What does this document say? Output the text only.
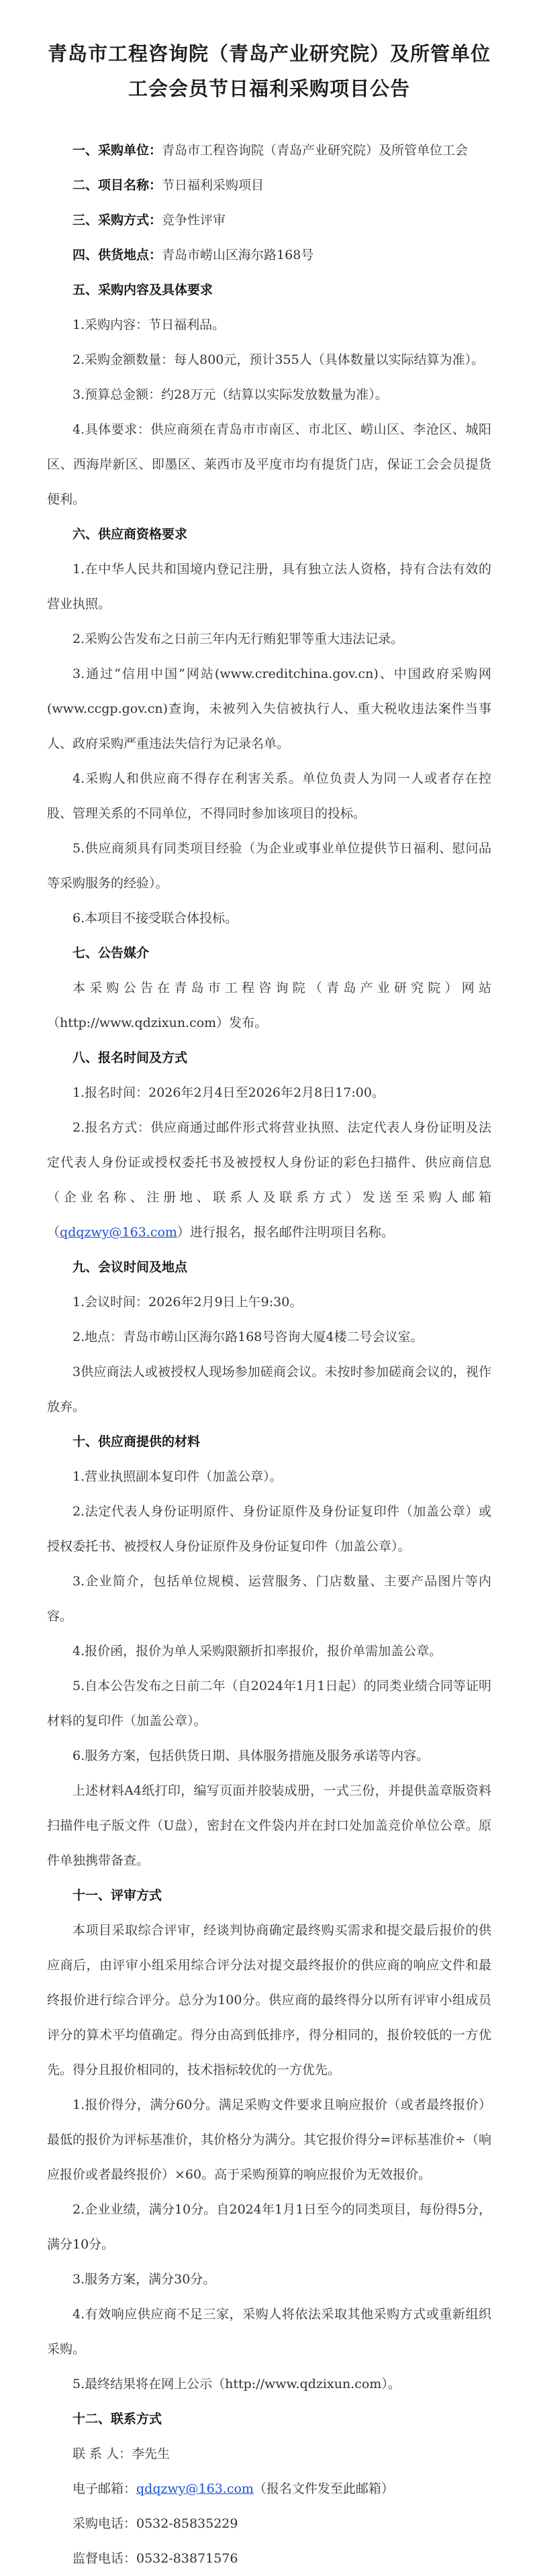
青岛市工程咨询院（青岛产业研究院）及所管单位工会会员节日福利采购项目公告

一、采购单位：青岛市工程咨询院（青岛产业研究院）及所管单位工会

二、项目名称：节日福利采购项目

三、采购方式：竞争性评审

四、供货地点：青岛市崂山区海尔路168号

五、采购内容及具体要求

1.采购内容：节日福利品。

2.采购金额数量：每人800元，预计355人（具体数量以实际结算为准）。

3.预算总金额：约28万元（结算以实际发放数量为准）。

4.具体要求：供应商须在青岛市市南区、市北区、崂山区、李沧区、城阳区、西海岸新区、即墨区、莱西市及平度市均有提货门店，保证工会会员提货便利。

六、供应商资格要求

1.在中华人民共和国境内登记注册，具有独立法人资格，持有合法有效的营业执照。

2.采购公告发布之日前三年内无行贿犯罪等重大违法记录。

3.通过“信用中国”网站(www.creditchina.gov.cn)、中国政府采购网(www.ccgp.gov.cn)查询，未被列入失信被执行人、重大税收违法案件当事人、政府采购严重违法失信行为记录名单。

4.采购人和供应商不得存在利害关系。单位负责人为同一人或者存在控股、管理关系的不同单位，不得同时参加该项目的投标。

5.供应商须具有同类项目经验（为企业或事业单位提供节日福利、慰问品等采购服务的经验）。

6.本项目不接受联合体投标。

七、公告媒介

本采购公告在青岛市工程咨询院（青岛产业研究院）网站（http://www.qdzixun.com）发布。

八、报名时间及方式

1.报名时间：2026年2月4日至2026年2月8日17:00。

2.报名方式：供应商通过邮件形式将营业执照、法定代表人身份证明及法定代表人身份证或授权委托书及被授权人身份证的彩色扫描件、供应商信息（企业名称、注册地、联系人及联系方式）发送至采购人邮箱（qdqzwy@163.com）进行报名，报名邮件注明项目名称。

九、会议时间及地点

1.会议时间：2026年2月9日上午9:30。

2.地点：青岛市崂山区海尔路168号咨询大厦4楼二号会议室。

3供应商法人或被授权人现场参加磋商会议。未按时参加磋商会议的，视作放弃。

十、供应商提供的材料

1.营业执照副本复印件（加盖公章）。

2.法定代表人身份证明原件、身份证原件及身份证复印件（加盖公章）或授权委托书、被授权人身份证原件及身份证复印件（加盖公章）。

3.企业简介，包括单位规模、运营服务、门店数量、主要产品图片等内容。

4.报价函，报价为单人采购限额折扣率报价，报价单需加盖公章。

5.自本公告发布之日前二年（自2024年1月1日起）的同类业绩合同等证明材料的复印件（加盖公章）。

6.服务方案，包括供货日期、具体服务措施及服务承诺等内容。

上述材料A4纸打印，编写页面并胶装成册，一式三份，并提供盖章版资料扫描件电子版文件（U盘），密封在文件袋内并在封口处加盖竞价单位公章。原件单独携带备查。

十一、评审方式

本项目采取综合评审，经谈判协商确定最终购买需求和提交最后报价的供应商后，由评审小组采用综合评分法对提交最终报价的供应商的响应文件和最终报价进行综合评分。总分为100分。供应商的最终得分以所有评审小组成员评分的算术平均值确定。得分由高到低排序，得分相同的，报价较低的一方优先。得分且报价相同的，技术指标较优的一方优先。

1.报价得分，满分60分。满足采购文件要求且响应报价（或者最终报价）最低的报价为评标基准价，其价格分为满分。其它报价得分=评标基准价÷（响应报价或者最终报价）×60。高于采购预算的响应报价为无效报价。

2.企业业绩，满分10分。自2024年1月1日至今的同类项目，每份得5分，满分10分。

3.服务方案，满分30分。

4.有效响应供应商不足三家，采购人将依法采取其他采购方式或重新组织采购。

5.最终结果将在网上公示（http://www.qdzixun.com）。

十二、联系方式

联 系 人：李先生

电子邮箱：qdqzwy@163.com（报名文件发至此邮箱）

采购电话：0532-85835229

监督电话：0532-83871576
